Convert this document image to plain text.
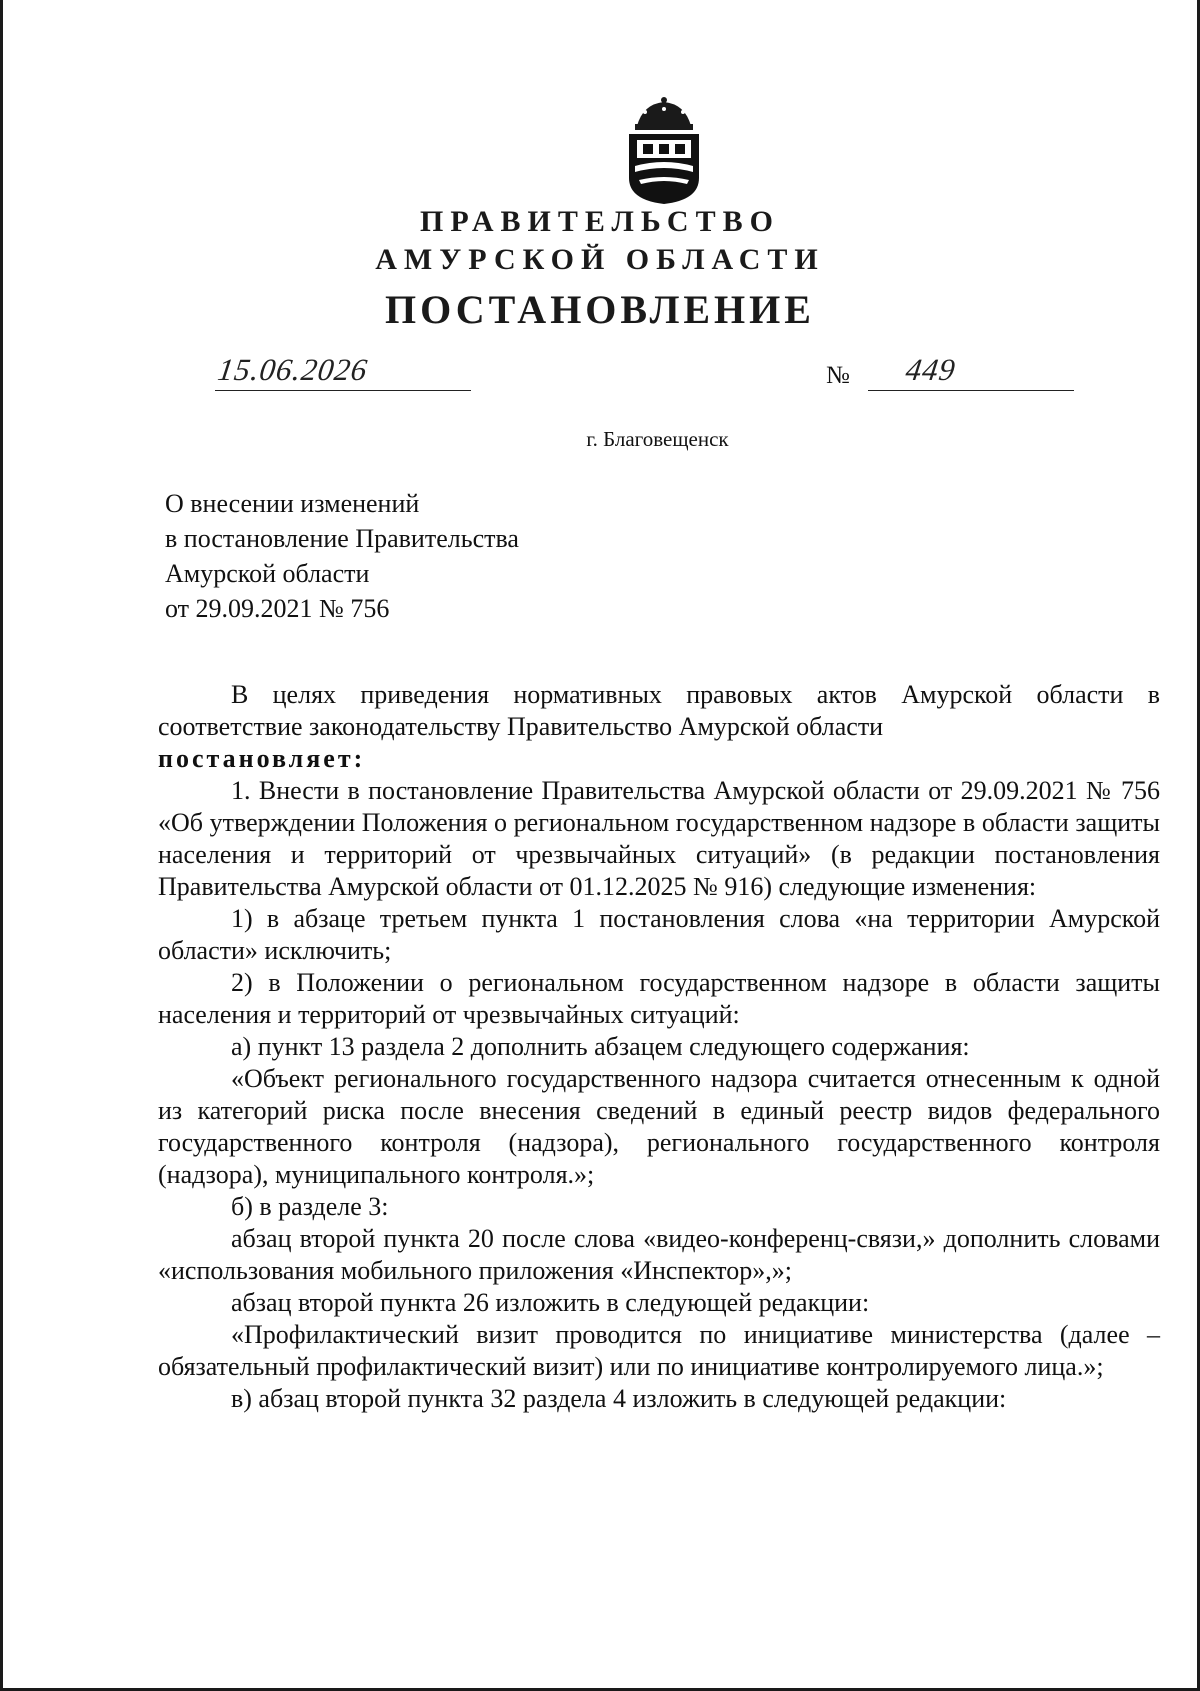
ПРАВИТЕЛЬСТВО
АМУРСКОЙ ОБЛАСТИ
ПОСТАНОВЛЕНИЕ
15.06.2026	№ 449
г. Благовещенск
О внесении изменений
в постановление Правительства
Амурской области
от 29.09.2021 № 756

В целях приведения нормативных правовых актов Амурской области в соответствие законодательству Правительство Амурской области

постановляет:

1. Внести в постановление Правительства Амурской области от 29.09.2021 № 756 «Об утверждении Положения о региональном государственном надзоре в области защиты населения и территорий от чрезвычайных ситуаций» (в редакции постановления Правительства Амурской области от 01.12.2025 № 916) следующие изменения:

1) в абзаце третьем пункта 1 постановления слова «на территории Амурской области» исключить;

2) в Положении о региональном государственном надзоре в области защиты населения и территорий от чрезвычайных ситуаций:

а) пункт 13 раздела 2 дополнить абзацем следующего содержания:

«Объект регионального государственного надзора считается отнесенным к одной из категорий риска после внесения сведений в единый реестр видов федерального государственного контроля (надзора), регионального государственного контроля (надзора), муниципального контроля.»;

б) в разделе 3:

абзац второй пункта 20 после слова «видео-конференц-связи,» дополнить словами «использования мобильного приложения «Инспектор»,»;

абзац второй пункта 26 изложить в следующей редакции:

«Профилактический визит проводится по инициативе министерства (далее – обязательный профилактический визит) или по инициативе контролируемого лица.»;

в) абзац второй пункта 32 раздела 4 изложить в следующей редакции:
